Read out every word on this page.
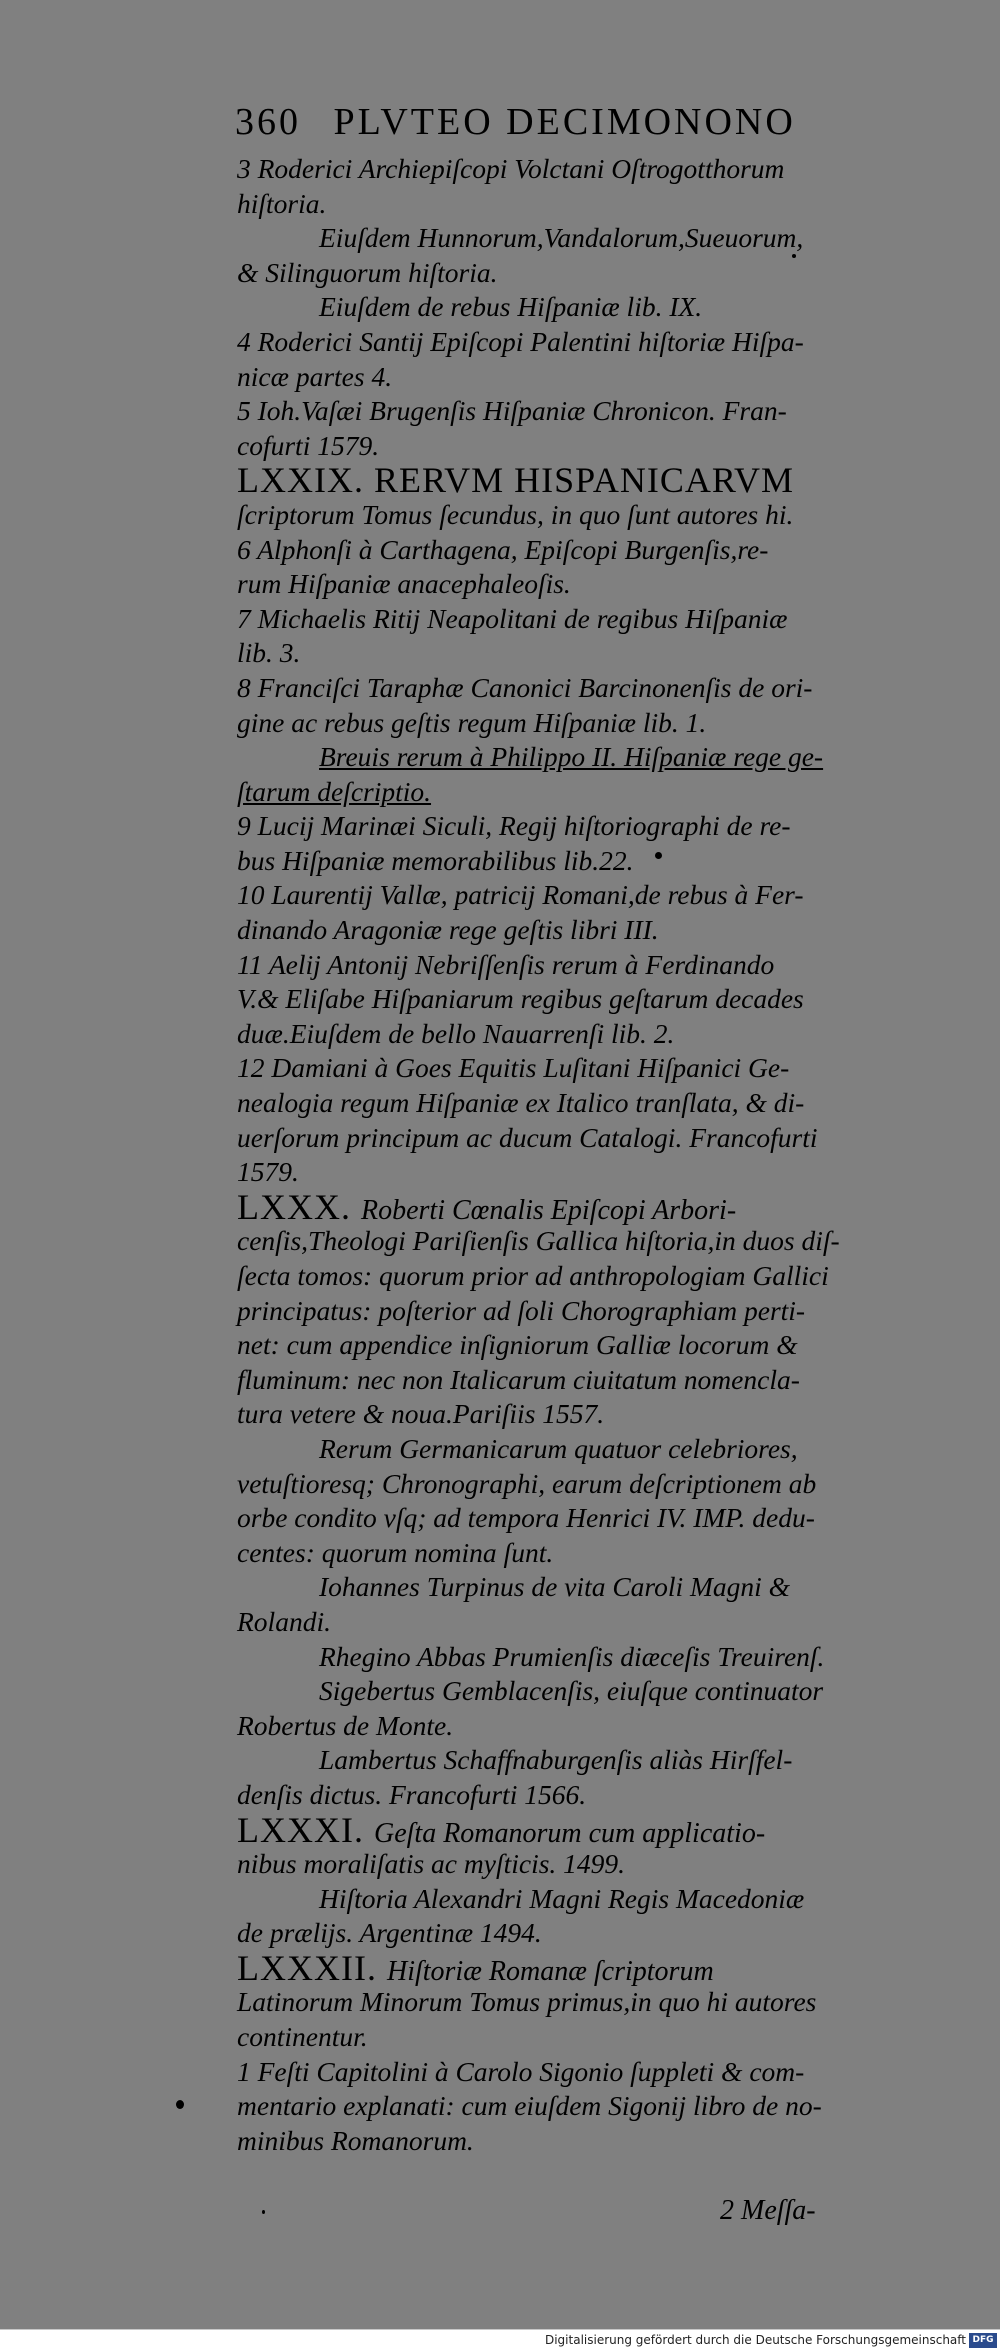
360 PLVTEO DECIMONONO
3 Roderici Archiepiſcopi Volctani Oſtrogotthorum
hiſtoria.
Eiuſdem Hunnorum,Vandalorum,Sueuorum,
& Silinguorum hiſtoria.
Eiuſdem de rebus Hiſpaniæ lib. IX.
4 Roderici Santij Epiſcopi Palentini hiſtoriæ Hiſpa-
nicæ partes 4.
5 Ioh.Vaſæi Brugenſis Hiſpaniæ Chronicon. Fran-
cofurti 1579.
LXXIX. RERVM HISPANICARVM
ſcriptorum Tomus ſecundus, in quo ſunt autores hi.
6 Alphonſi à Carthagena, Epiſcopi Burgenſis,re-
rum Hiſpaniæ anacephaleoſis.
7 Michaelis Ritij Neapolitani de regibus Hiſpaniæ
lib. 3.
8 Franciſci Taraphæ Canonici Barcinonenſis de ori-
gine ac rebus geſtis regum Hiſpaniæ lib. 1.
Breuis rerum à Philippo II. Hiſpaniæ rege ge-
ſtarum deſcriptio.
9 Lucij Marinæi Siculi, Regij hiſtoriographi de re-
bus Hiſpaniæ memorabilibus lib.22.
10 Laurentij Vallæ, patricij Romani,de rebus à Fer-
dinando Aragoniæ rege geſtis libri III.
11 Aelij Antonij Nebriſſenſis rerum à Ferdinando
V.& Eliſabe Hiſpaniarum regibus geſtarum decades
duæ.Eiuſdem de bello Nauarrenſi lib. 2.
12 Damiani à Goes Equitis Luſitani Hiſpanici Ge-
nealogia regum Hiſpaniæ ex Italico tranſlata, & di-
uerſorum principum ac ducum Catalogi. Francofurti
1579.
LXXX. Roberti Cœnalis Epiſcopi Arbori-
cenſis,Theologi Pariſienſis Gallica hiſtoria,in duos diſ-
ſecta tomos: quorum prior ad anthropologiam Gallici
principatus: poſterior ad ſoli Chorographiam perti-
net: cum appendice inſigniorum Galliæ locorum &
fluminum: nec non Italicarum ciuitatum nomencla-
tura vetere & noua.Pariſiis 1557.
Rerum Germanicarum quatuor celebriores,
vetuſtioresq; Chronographi, earum deſcriptionem ab
orbe condito vſq; ad tempora Henrici IV. IMP. dedu-
centes: quorum nomina ſunt.
Iohannes Turpinus de vita Caroli Magni &
Rolandi.
Rhegino Abbas Prumienſis diæceſis Treuirenſ.
Sigebertus Gemblacenſis, eiuſque continuator
Robertus de Monte.
Lambertus Schaffnaburgenſis aliàs Hirſfel-
denſis dictus. Francofurti 1566.
LXXXI. Geſta Romanorum cum applicatio-
nibus moraliſatis ac myſticis. 1499.
Hiſtoria Alexandri Magni Regis Macedoniæ
de prælijs. Argentinæ 1494.
LXXXII. Hiſtoriæ Romanæ ſcriptorum
Latinorum Minorum Tomus primus,in quo hi autores
continentur.
1 Feſti Capitolini à Carolo Sigonio ſuppleti & com-
mentario explanati: cum eiuſdem Sigonij libro de no-
minibus Romanorum.
2 Meſſa-
Digitalisierung gefördert durch die Deutsche Forschungsgemeinschaft DFG
